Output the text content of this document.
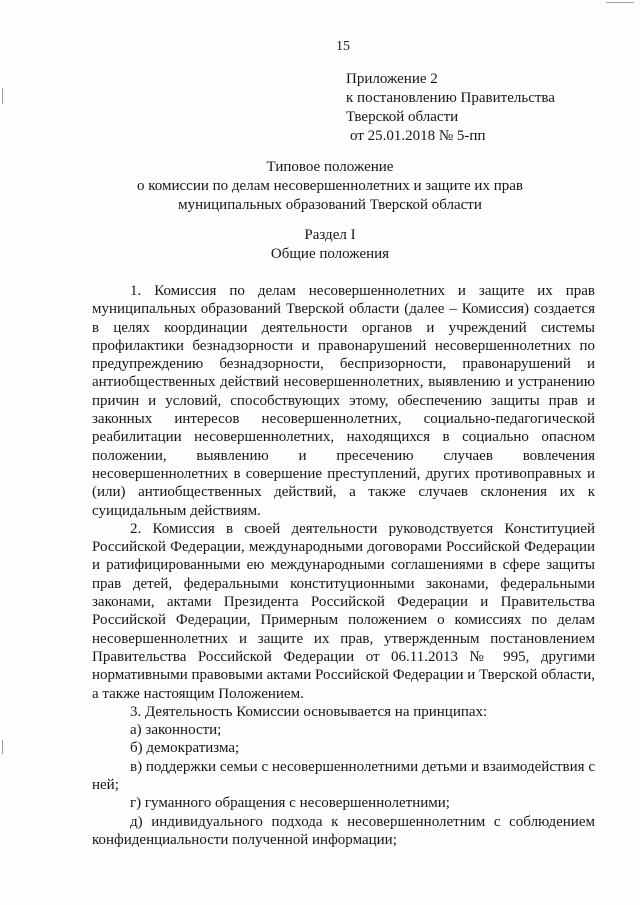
15
Приложение 2
к постановлению Правительства
Тверской области
от 25.01.2018 № 5-пп
Типовое положение
о комиссии по делам несовершеннолетних и защите их прав
муниципальных образований Тверской области
Раздел I
Общие положения

1. Комиссия по делам несовершеннолетних и защите их прав муниципальных образований Тверской области (далее – Комиссия) создается в целях координации деятельности органов и учреждений системы профилактики безнадзорности и правонарушений несовершеннолетних по предупреждению безнадзорности, беспризорности, правонарушений и антиобщественных действий несовершеннолетних, выявлению и устранению причин и условий, способствующих этому, обеспечению защиты прав и законных интересов несовершеннолетних, социально-педагогической реабилитации несовершеннолетних, находящихся в социально опасном положении, выявлению и пресечению случаев вовлечения несовершеннолетних в совершение преступлений, других противоправных и (или) антиобщественных действий, а также случаев склонения их к суицидальным действиям.

2. Комиссия в своей деятельности руководствуется Конституцией Российской Федерации, международными договорами Российской Федерации и ратифицированными ею международными соглашениями в сфере защиты прав детей, федеральными конституционными законами, федеральными законами, актами Президента Российской Федерации и Правительства Российской Федерации, Примерным положением о комиссиях по делам несовершеннолетних и защите их прав, утвержденным постановлением Правительства Российской Федерации от 06.11.2013 № 995, другими нормативными правовыми актами Российской Федерации и Тверской области, а также настоящим Положением.

3. Деятельность Комиссии основывается на принципах:

а) законности;

б) демократизма;

в) поддержки семьи с несовершеннолетними детьми и взаимодействия с ней;

г) гуманного обращения с несовершеннолетними;

д) индивидуального подхода к несовершеннолетним с соблюдением конфиденциальности полученной информации;
